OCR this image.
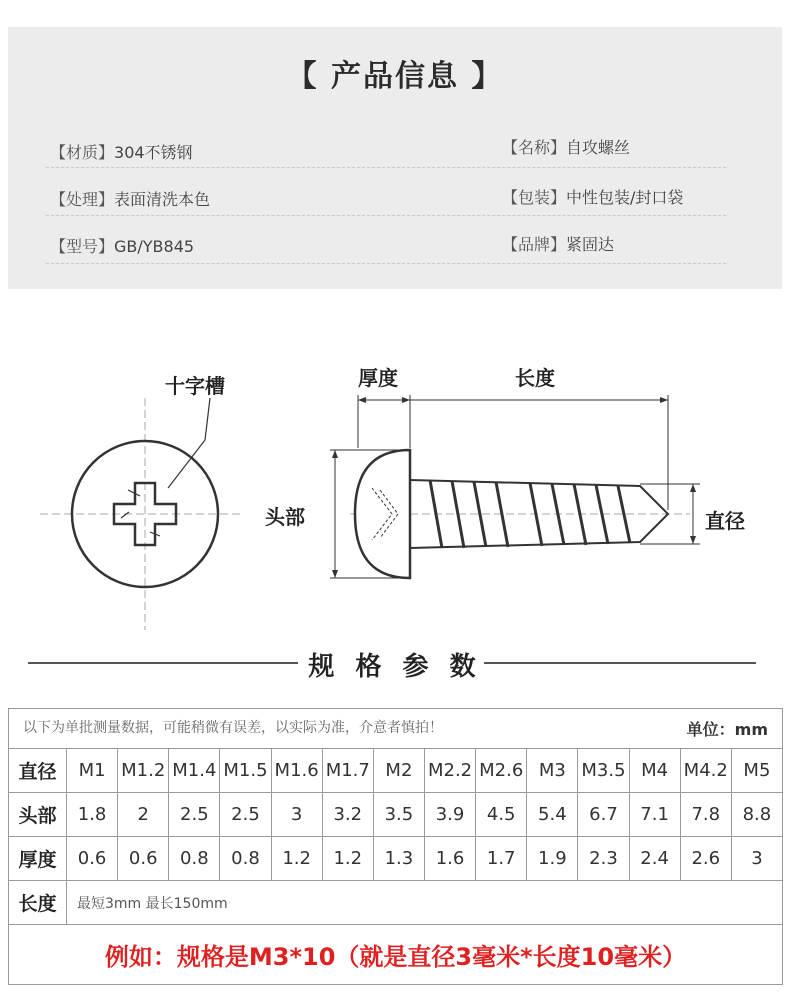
【 产品信息 】
【材质】304不锈钢	【名称】自攻螺丝
【处理】表面清洗本色	【包装】中性包装/封口袋
【型号】GB/YB845	【品牌】紧固达
十字槽	厚度	长度
头部	直径
规 格 参 数
以下为单批测量数据，可能稍微有误差，以实际为准，介意者慎拍！ 单位：mm														

直径	M1	M1.2	M1.4	M1.5	M1.6	M1.7	M2	M2.2	M2.6	M3	M3.5	M4	M4.2	M5
头部	1.8	2	2.5	2.5	3	3.2	3.5	3.9	4.5	5.4	6.7	7.1	7.8	8.8
厚度	0.6	0.6	0.8	0.8	1.2	1.2	1.3	1.6	1.7	1.9	2.3	2.4	2.6	3
长度	最短3mm 最长150mm													
例如：规格是M3*10（就是直径3毫米*长度10毫米）														
